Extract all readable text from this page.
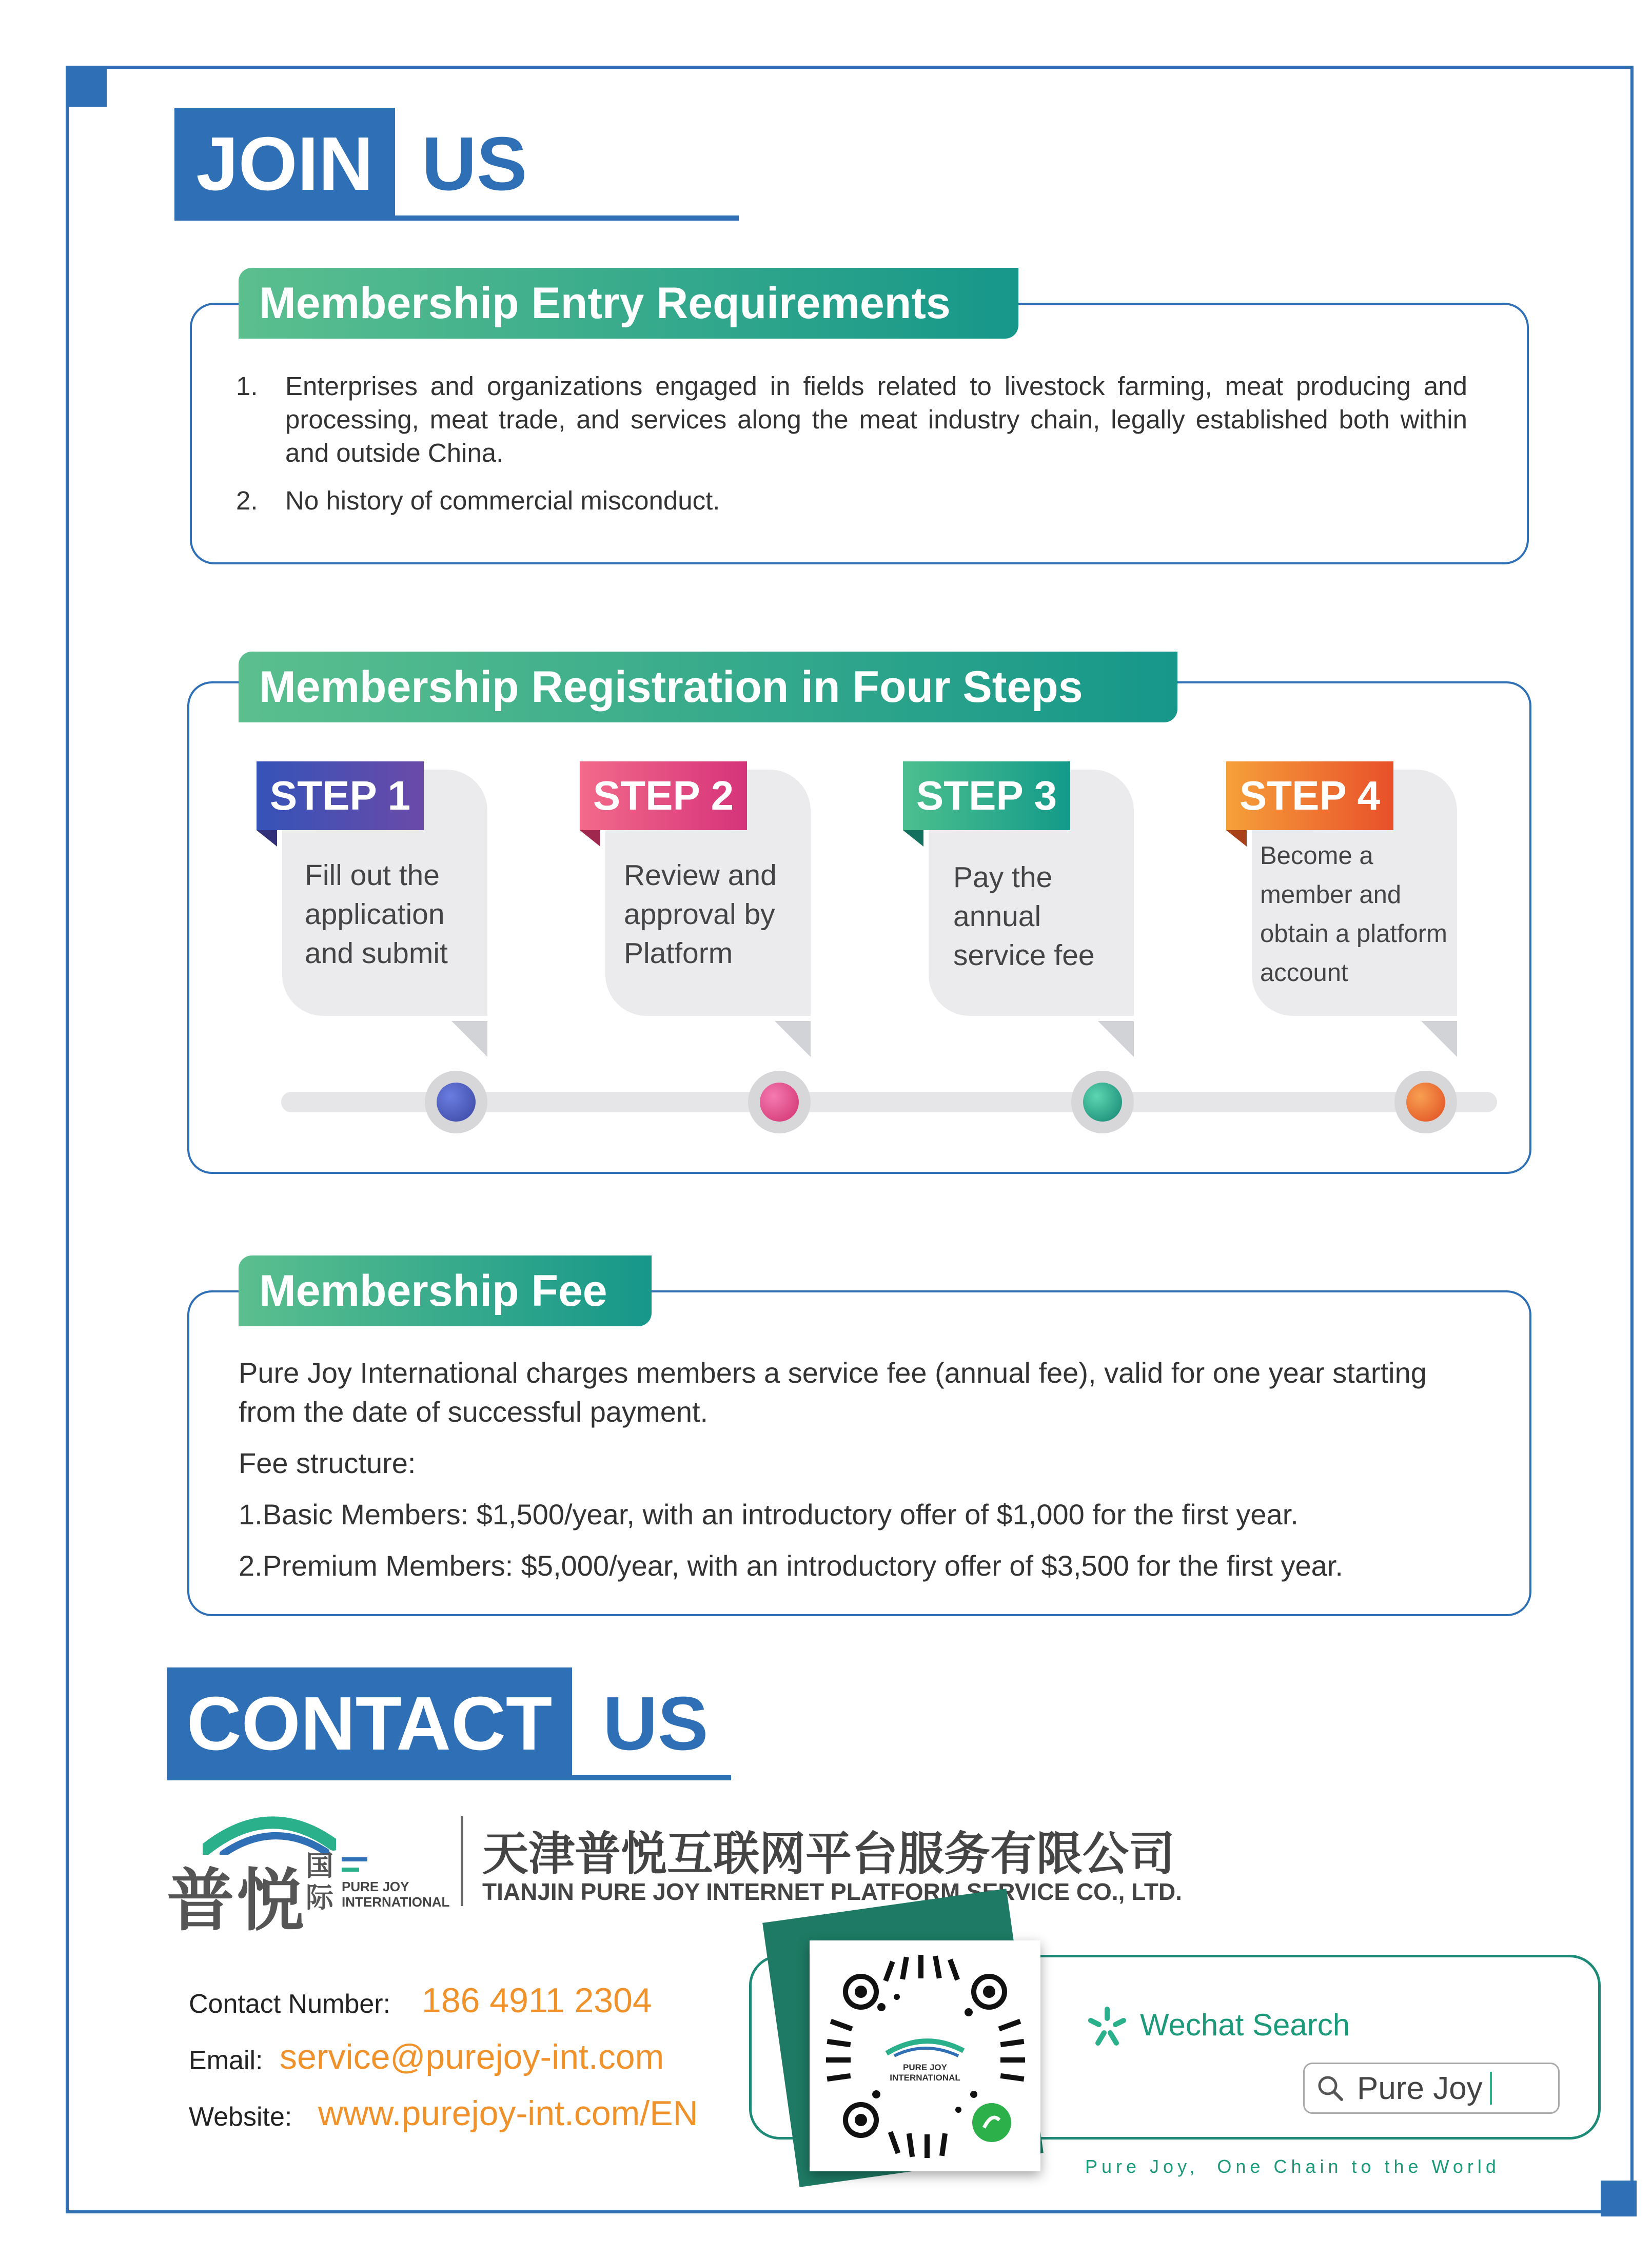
JOIN US
Membership Entry Requirements
1.	Enterprises and organizations engaged in fields related to livestock farming, meat producing and processing, meat trade, and services along the meat industry chain, legally established both within and outside China.
2.	No history of commercial misconduct.
Membership Registration in Four Steps
STEP 1
Fill out the application and submit
STEP 2
Review and approval by Platform
STEP 3
Pay the annual service fee
STEP 4
Become a member and obtain a platform account
Membership Fee
Pure Joy International charges members a service fee (annual fee), valid for one year starting from the date of successful payment.
Fee structure:
1.Basic Members: $1,500/year, with an introductory offer of $1,000 for the first year.
2.Premium Members: $5,000/year, with an introductory offer of $3,500 for the first year.
CONTACT US
普悦 国际 PURE JOY INTERNATIONAL
天津普悦互联网平台服务有限公司
TIANJIN PURE JOY INTERNET PLATFORM SERVICE CO., LTD.
Contact Number: 186 4911 2304
Email: service@purejoy-int.com
Website: www.purejoy-int.com/EN
PURE JOY INTERNATIONAL
Wechat Search
Pure Joy
Pure Joy,  One Chain to the World
